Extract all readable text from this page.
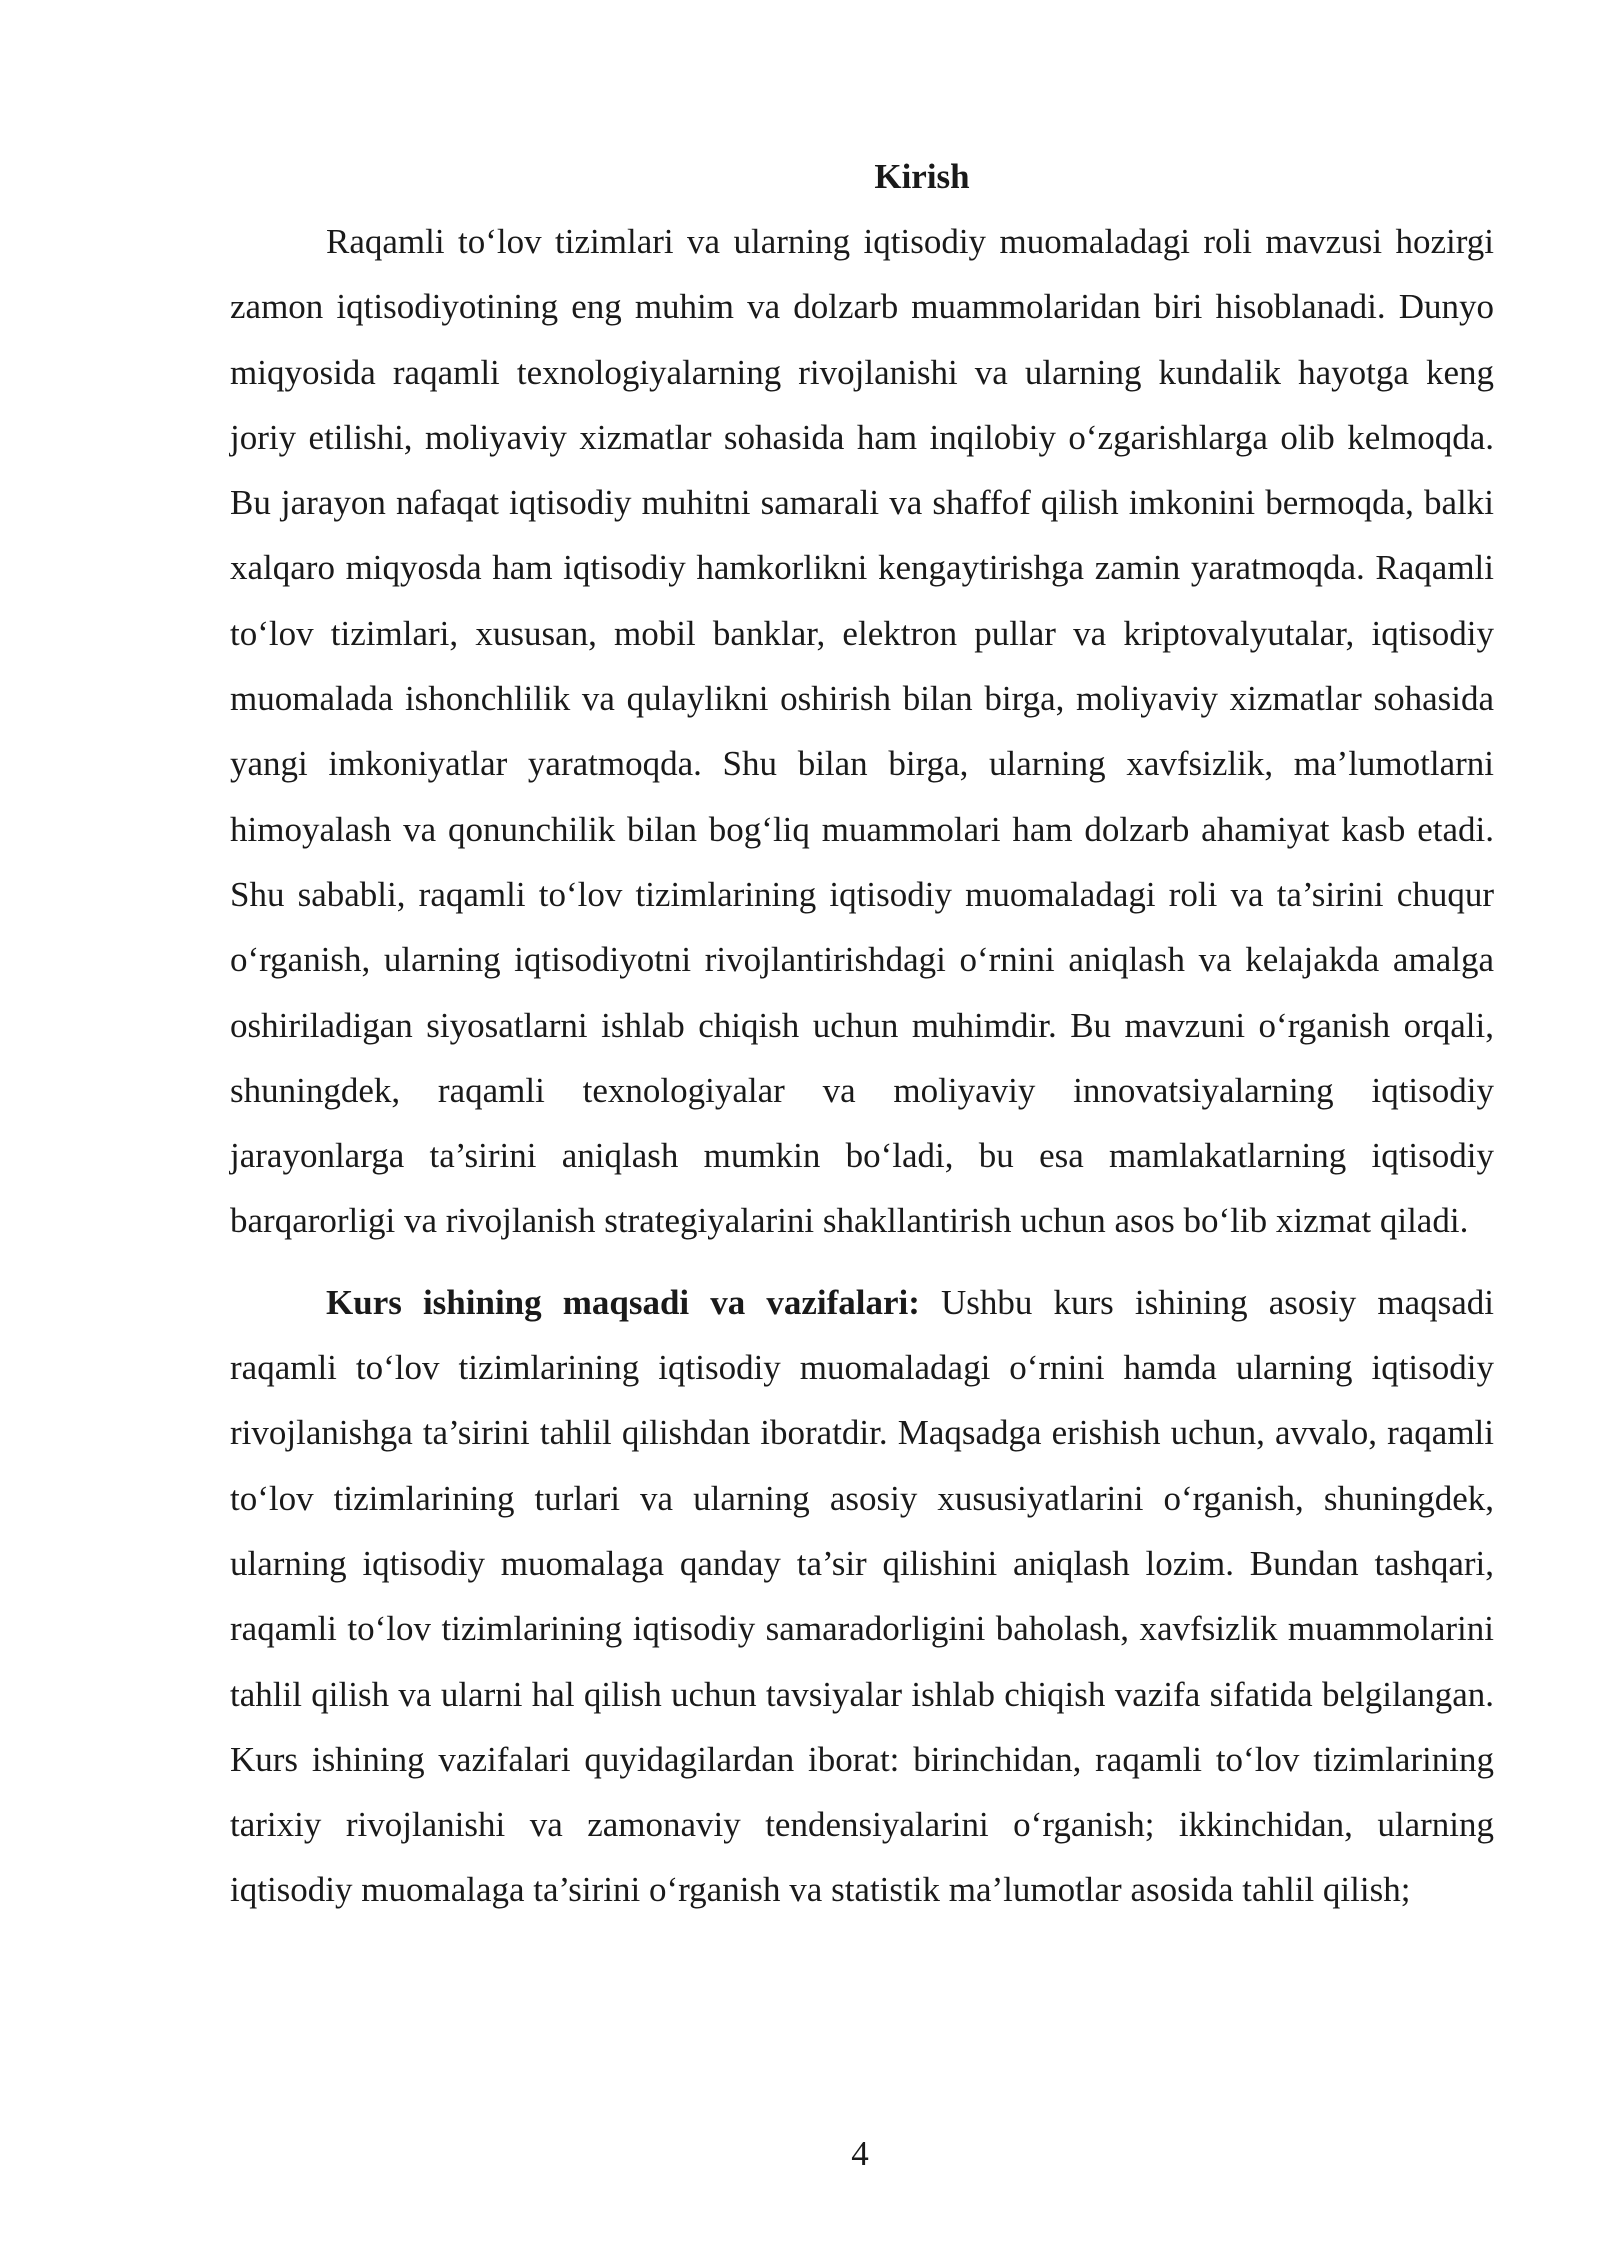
Kirish

Raqamli to‘lov tizimlari va ularning iqtisodiy muomaladagi roli mavzusi hozirgi zamon iqtisodiyotining eng muhim va dolzarb muammolaridan biri hisoblanadi. Dunyo miqyosida raqamli texnologiyalarning rivojlanishi va ularning kundalik hayotga keng joriy etilishi, moliyaviy xizmatlar sohasida ham inqilobiy o‘zgarishlarga olib kelmoqda. Bu jarayon nafaqat iqtisodiy muhitni samarali va shaffof qilish imkonini bermoqda, balki xalqaro miqyosda ham iqtisodiy hamkorlikni kengaytirishga zamin yaratmoqda. Raqamli to‘lov tizimlari, xususan, mobil banklar, elektron pullar va kriptovalyutalar, iqtisodiy muomalada ishonchlilik va qulaylikni oshirish bilan birga, moliyaviy xizmatlar sohasida yangi imkoniyatlar yaratmoqda. Shu bilan birga, ularning xavfsizlik, ma’lumotlarni himoyalash va qonunchilik bilan bog‘liq muammolari ham dolzarb ahamiyat kasb etadi. Shu sababli, raqamli to‘lov tizimlarining iqtisodiy muomaladagi roli va ta’sirini chuqur o‘rganish, ularning iqtisodiyotni rivojlantirishdagi o‘rnini aniqlash va kelajakda amalga oshiriladigan siyosatlarni ishlab chiqish uchun muhimdir. Bu mavzuni o‘rganish orqali, shuningdek, raqamli texnologiyalar va moliyaviy innovatsiyalarning iqtisodiy jarayonlarga ta’sirini aniqlash mumkin bo‘ladi, bu esa mamlakatlarning iqtisodiy barqarorligi va rivojlanish strategiyalarini shakllantirish uchun asos bo‘lib xizmat qiladi.

Kurs ishining maqsadi va vazifalari: Ushbu kurs ishining asosiy maqsadi raqamli to‘lov tizimlarining iqtisodiy muomaladagi o‘rnini hamda ularning iqtisodiy rivojlanishga ta’sirini tahlil qilishdan iboratdir. Maqsadga erishish uchun, avvalo, raqamli to‘lov tizimlarining turlari va ularning asosiy xususiyatlarini o‘rganish, shuningdek, ularning iqtisodiy muomalaga qanday ta’sir qilishini aniqlash lozim. Bundan tashqari, raqamli to‘lov tizimlarining iqtisodiy samaradorligini baholash, xavfsizlik muammolarini tahlil qilish va ularni hal qilish uchun tavsiyalar ishlab chiqish vazifa sifatida belgilangan. Kurs ishining vazifalari quyidagilardan iborat: birinchidan, raqamli to‘lov tizimlarining tarixiy rivojlanishi va zamonaviy tendensiyalarini o‘rganish; ikkinchidan, ularning iqtisodiy muomalaga ta’sirini o‘rganish va statistik ma’lumotlar asosida tahlil qilish;

4
